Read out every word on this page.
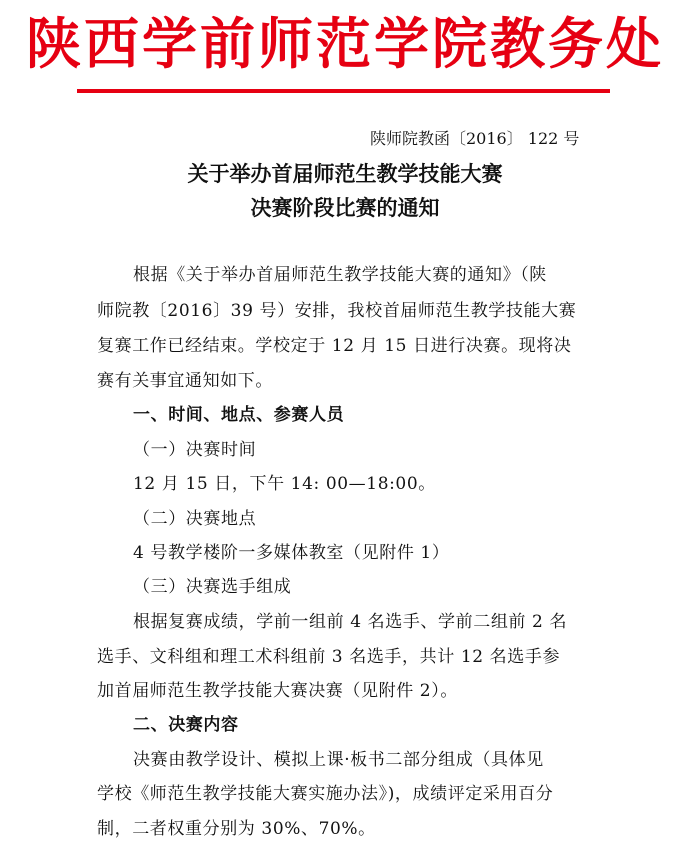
陕西学前师范学院教务处
陕师院教函〔2016〕 122 号
关于举办首届师范生教学技能大赛
决赛阶段比赛的通知
根据《关于举办首届师范生教学技能大赛的通知》（陕
师院教〔2016〕39 号）安排，我校首届师范生教学技能大赛
复赛工作已经结束。学校定于 12 月 15 日进行决赛。现将决
赛有关事宜通知如下。
一、时间、地点、参赛人员
（一）决赛时间
12 月 15 日，下午 14: 00—18:00。
（二）决赛地点
4 号教学楼阶一多媒体教室（见附件 1）
（三）决赛选手组成
根据复赛成绩，学前一组前 4 名选手、学前二组前 2 名
选手、文科组和理工术科组前 3 名选手，共计 12 名选手参
加首届师范生教学技能大赛决赛（见附件 2）。
二、决赛内容
决赛由教学设计、模拟上课·板书二部分组成（具体见
学校《师范生教学技能大赛实施办法》)，成绩评定采用百分
制，二者权重分别为 30%、70%。
